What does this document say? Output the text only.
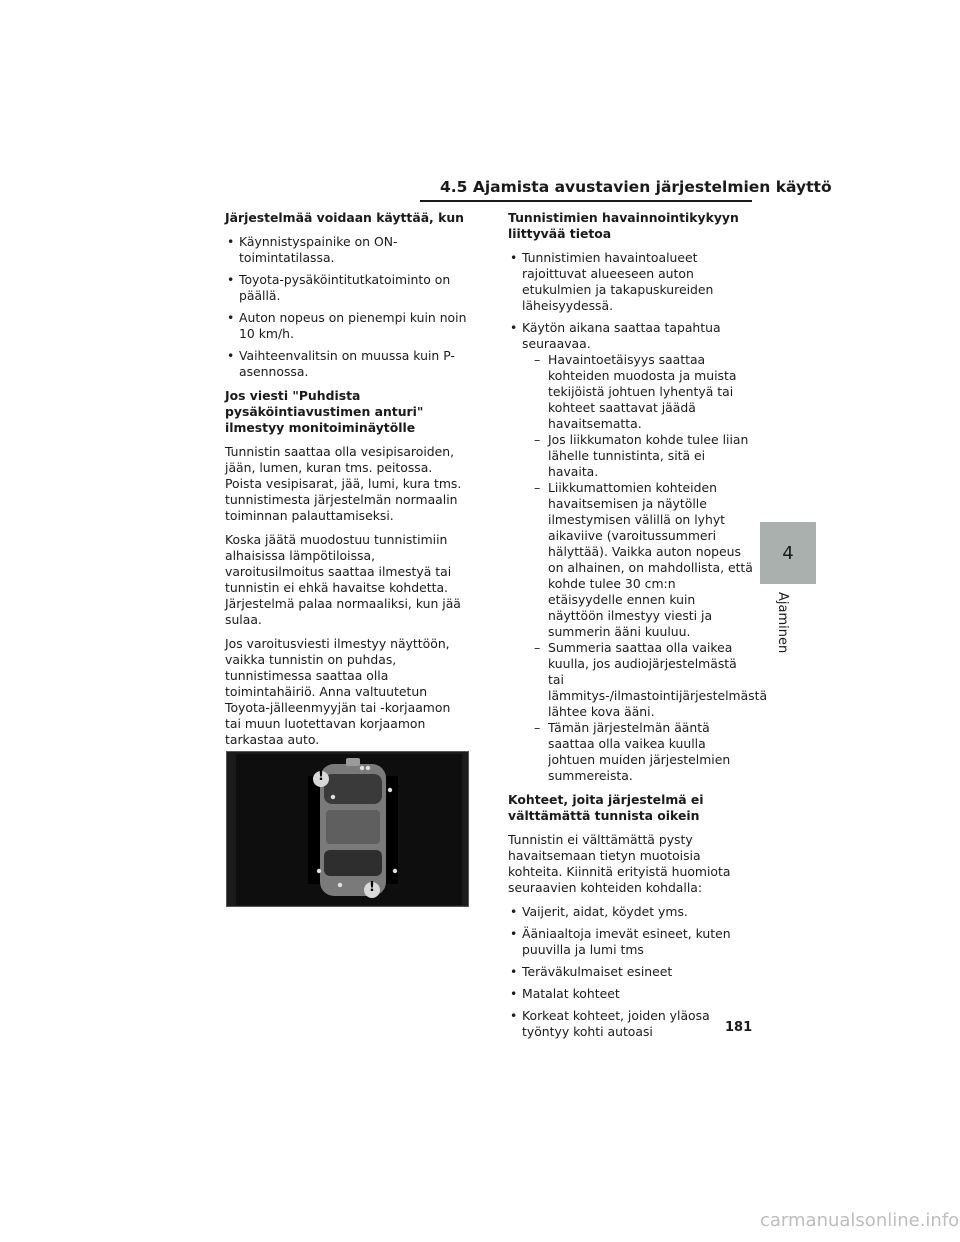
4.5 Ajamista avustavien järjestelmien käyttö
Järjestelmää voidaan käyttää, kun
• Käynnistyspainike on ON-toimintatilassa.
• Toyota-pysäköintitutkatoiminto on päällä.
• Auton nopeus on pienempi kuin noin 10 km/h.
• Vaihteenvalitsin on muussa kuin P-asennossa.
Jos viesti "Puhdista pysäköintiavustimen anturi" ilmestyy monitoiminäytölle

Tunnistin saattaa olla vesipisaroiden, jään, lumen, kuran tms. peitossa. Poista vesipisarat, jää, lumi, kura tms. tunnistimesta järjestelmän normaalin toiminnan palauttamiseksi.

Koska jäätä muodostuu tunnistimiin alhaisissa lämpötiloissa, varoitusilmoitus saattaa ilmestyä tai tunnistin ei ehkä havaitse kohdetta. Järjestelmä palaa normaaliksi, kun jää sulaa.

Jos varoitusviesti ilmestyy näyttöön, vaikka tunnistin on puhdas, tunnistimessa saattaa olla toimintahäiriö. Anna valtuutetun Toyota-jälleenmyyjän tai -korjaamon tai muun luotettavan korjaamon tarkastaa auto.

!
!
Tunnistimien havainnointikykyyn liittyvää tietoa
• Tunnistimien havaintoalueet rajoittuvat alueeseen auton etukulmien ja takapuskureiden läheisyydessä.
• Käytön aikana saattaa tapahtua seuraavaa.
– Havaintoetäisyys saattaa kohteiden muodosta ja muista tekijöistä johtuen lyhentyä tai kohteet saattavat jäädä havaitsematta.
– Jos liikkumaton kohde tulee liian lähelle tunnistinta, sitä ei havaita.
– Liikkumattomien kohteiden havaitsemisen ja näytölle ilmestymisen välillä on lyhyt aikaviive (varoitussummeri hälyttää). Vaikka auton nopeus on alhainen, on mahdollista, että kohde tulee 30 cm:n etäisyydelle ennen kuin näyttöön ilmestyy viesti ja summerin ääni kuuluu.
– Summeria saattaa olla vaikea kuulla, jos audiojärjestelmästä tai lämmitys-/ilmastointijärjestelmästä lähtee kova ääni.
– Tämän järjestelmän ääntä saattaa olla vaikea kuulla johtuen muiden järjestelmien summereista.
Kohteet, joita järjestelmä ei välttämättä tunnista oikein

Tunnistin ei välttämättä pysty havaitsemaan tietyn muotoisia kohteita. Kiinnitä erityistä huomiota seuraavien kohteiden kohdalla:

• Vaijerit, aidat, köydet yms.
• Ääniaaltoja imevät esineet, kuten puuvilla ja lumi tms
• Teräväkulmaiset esineet
• Matalat kohteet
• Korkeat kohteet, joiden yläosa työntyy kohti autoasi
4
Ajaminen
181
carmanualsonline.info
